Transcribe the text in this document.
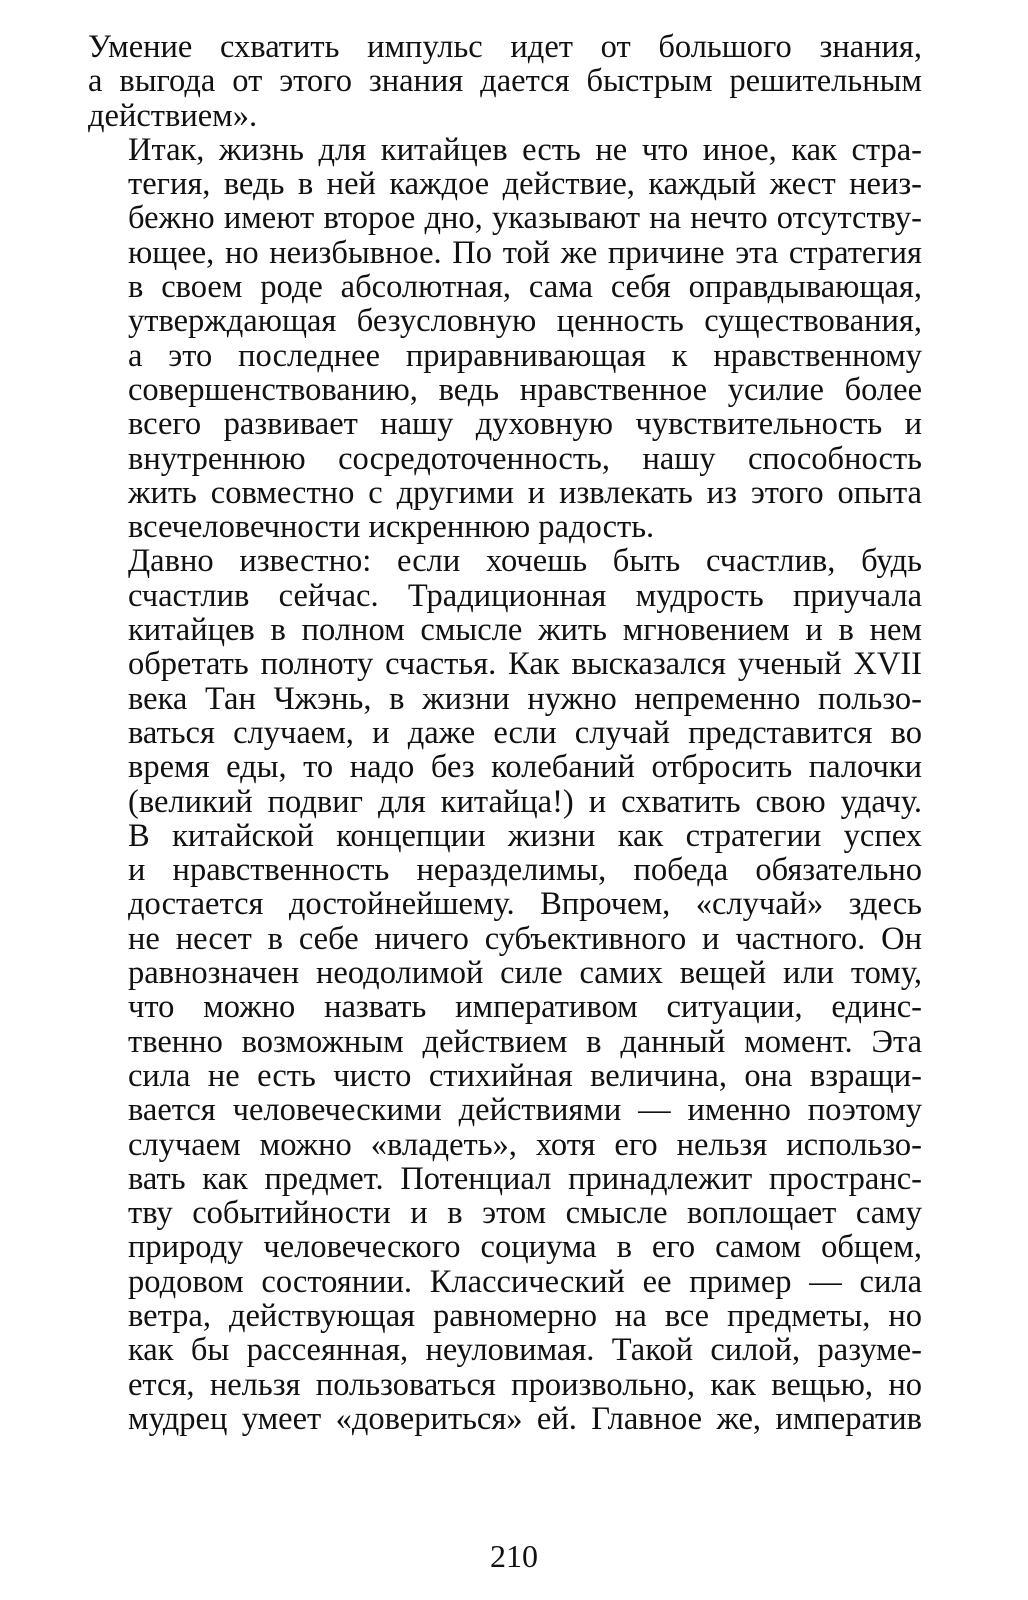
Умение схватить импульс идет от большого знания,
а выгода от этого знания дается быстрым решительным
действием».

Итак, жизнь для китайцев есть не что иное, как стра-
тегия, ведь в ней каждое действие, каждый жест неиз-
бежно имеют второе дно, указывают на нечто отсутству-
ющее, но неизбывное. По той же причине эта стратегия
в своем роде абсолютная, сама себя оправдывающая,
утверждающая безусловную ценность существования,
а это последнее приравнивающая к нравственному
совершенствованию, ведь нравственное усилие более
всего развивает нашу духовную чувствительность и
внутреннюю сосредоточенность, нашу способность
жить совместно с другими и извлекать из этого опыта
всечеловечности искреннюю радость.

Давно известно: если хочешь быть счастлив, будь
счастлив сейчас. Традиционная мудрость приучала
китайцев в полном смысле жить мгновением и в нем
обретать полноту счастья. Как высказался ученый XVII
века Тан Чжэнь, в жизни нужно непременно пользо-
ваться случаем, и даже если случай представится во
время еды, то надо без колебаний отбросить палочки
(великий подвиг для китайца!) и схватить свою удачу.
В китайской концепции жизни как стратегии успех
и нравственность неразделимы, победа обязательно
достается достойнейшему. Впрочем, «случай» здесь
не несет в себе ничего субъективного и частного. Он
равнозначен неодолимой силе самих вещей или тому,
что можно назвать императивом ситуации, единс-
твенно возможным действием в данный момент. Эта
сила не есть чисто стихийная величина, она взращи-
вается человеческими действиями — именно поэтому
случаем можно «владеть», хотя его нельзя использо-
вать как предмет. Потенциал принадлежит пространс-
тву событийности и в этом смысле воплощает саму
природу человеческого социума в его самом общем,
родовом состоянии. Классический ее пример — сила
ветра, действующая равномерно на все предметы, но
как бы рассеянная, неуловимая. Такой силой, разуме-
ется, нельзя пользоваться произвольно, как вещью, но
мудрец умеет «довериться» ей. Главное же, императив

210
